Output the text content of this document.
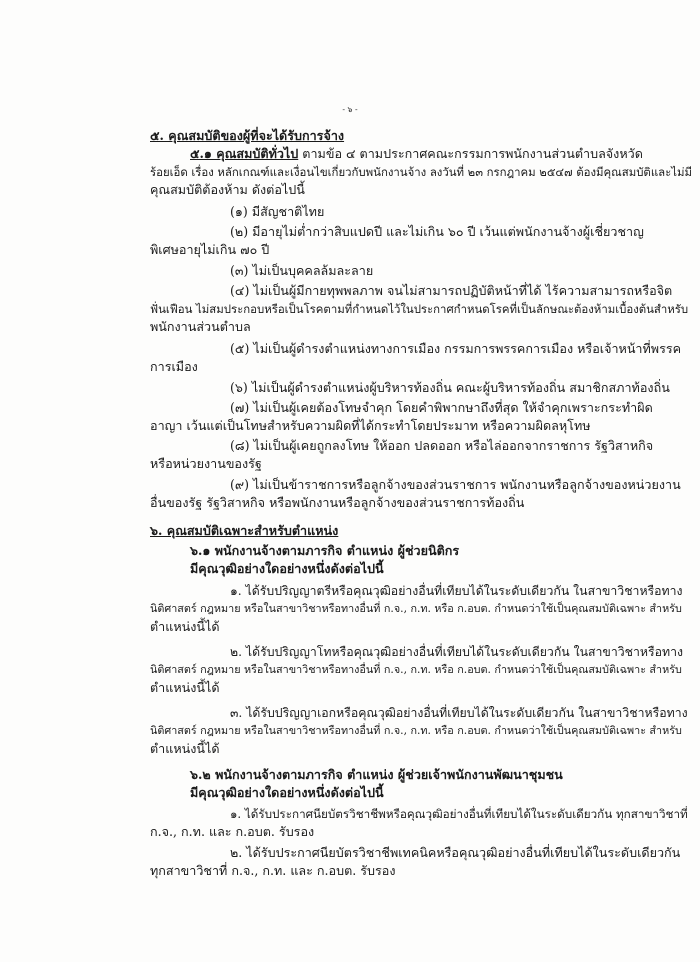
- ๖ -
๕. คุณสมบัติของผู้ที่จะได้รับการจ้าง
๕.๑ คุณสมบัติทั่วไป ตามข้อ ๔ ตามประกาศคณะกรรมการพนักงานส่วนตำบลจังหวัด
ร้อยเอ็ด เรื่อง หลักเกณฑ์และเงื่อนไขเกี่ยวกับพนักงานจ้าง ลงวันที่ ๒๓ กรกฎาคม ๒๕๔๗ ต้องมีคุณสมบัติและไม่มี
คุณสมบัติต้องห้าม ดังต่อไปนี้
(๑) มีสัญชาติไทย
(๒) มีอายุไม่ต่ำกว่าสิบแปดปี และไม่เกิน ๖๐ ปี เว้นแต่พนักงานจ้างผู้เชี่ยวชาญ
พิเศษอายุไม่เกิน ๗๐ ปี
(๓) ไม่เป็นบุคคลล้มละลาย
(๔) ไม่เป็นผู้มีกายทุพพลภาพ จนไม่สามารถปฏิบัติหน้าที่ได้ ไร้ความสามารถหรือจิต
ฟั่นเฟือน ไม่สมประกอบหรือเป็นโรคตามที่กำหนดไว้ในประกาศกำหนดโรคที่เป็นลักษณะต้องห้ามเบื้องต้นสำหรับ
พนักงานส่วนตำบล
(๕) ไม่เป็นผู้ดำรงตำแหน่งทางการเมือง กรรมการพรรคการเมือง หรือเจ้าหน้าที่พรรค
การเมือง
(๖) ไม่เป็นผู้ดำรงตำแหน่งผู้บริหารท้องถิ่น คณะผู้บริหารท้องถิ่น สมาชิกสภาท้องถิ่น
(๗) ไม่เป็นผู้เคยต้องโทษจำคุก โดยคำพิพากษาถึงที่สุด ให้จำคุกเพราะกระทำผิด
อาญา เว้นแต่เป็นโทษสำหรับความผิดที่ได้กระทำโดยประมาท หรือความผิดลหุโทษ
(๘) ไม่เป็นผู้เคยถูกลงโทษ ให้ออก ปลดออก หรือไล่ออกจากราชการ รัฐวิสาหกิจ
หรือหน่วยงานของรัฐ
(๙) ไม่เป็นข้าราชการหรือลูกจ้างของส่วนราชการ พนักงานหรือลูกจ้างของหน่วยงาน
อื่นของรัฐ รัฐวิสาหกิจ หรือพนักงานหรือลูกจ้างของส่วนราชการท้องถิ่น
๖. คุณสมบัติเฉพาะสำหรับตำแหน่ง
๖.๑ พนักงานจ้างตามภารกิจ ตำแหน่ง ผู้ช่วยนิติกร
มีคุณวุฒิอย่างใดอย่างหนึ่งดังต่อไปนี้
๑. ได้รับปริญญาตรีหรือคุณวุฒิอย่างอื่นที่เทียบได้ในระดับเดียวกัน ในสาขาวิชาหรือทาง
นิติศาสตร์ กฎหมาย หรือในสาขาวิชาหรือทางอื่นที่ ก.จ., ก.ท. หรือ ก.อบต. กำหนดว่าใช้เป็นคุณสมบัติเฉพาะ สำหรับ
ตำแหน่งนี้ได้
๒. ได้รับปริญญาโทหรือคุณวุฒิอย่างอื่นที่เทียบได้ในระดับเดียวกัน ในสาขาวิชาหรือทาง
นิติศาสตร์ กฎหมาย หรือในสาขาวิชาหรือทางอื่นที่ ก.จ., ก.ท. หรือ ก.อบต. กำหนดว่าใช้เป็นคุณสมบัติเฉพาะ สำหรับ
ตำแหน่งนี้ได้
๓. ได้รับปริญญาเอกหรือคุณวุฒิอย่างอื่นที่เทียบได้ในระดับเดียวกัน ในสาขาวิชาหรือทาง
นิติศาสตร์ กฎหมาย หรือในสาขาวิชาหรือทางอื่นที่ ก.จ., ก.ท. หรือ ก.อบต. กำหนดว่าใช้เป็นคุณสมบัติเฉพาะ สำหรับ
ตำแหน่งนี้ได้
๖.๒ พนักงานจ้างตามภารกิจ ตำแหน่ง ผู้ช่วยเจ้าพนักงานพัฒนาชุมชน
มีคุณวุฒิอย่างใดอย่างหนึ่งดังต่อไปนี้
๑. ได้รับประกาศนียบัตรวิชาชีพหรือคุณวุฒิอย่างอื่นที่เทียบได้ในระดับเดียวกัน ทุกสาขาวิชาที่
ก.จ., ก.ท. และ ก.อบต. รับรอง
๒. ได้รับประกาศนียบัตรวิชาชีพเทคนิคหรือคุณวุฒิอย่างอื่นที่เทียบได้ในระดับเดียวกัน
ทุกสาขาวิชาที่ ก.จ., ก.ท. และ ก.อบต. รับรอง
